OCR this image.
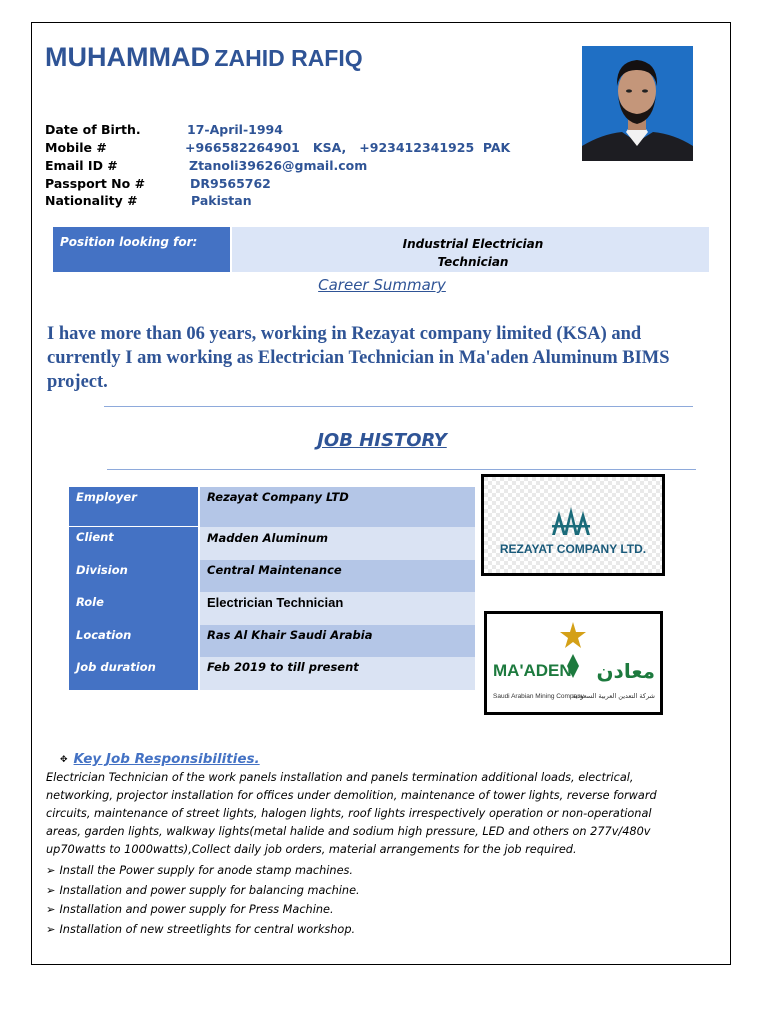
MUHAMMAD ZAHID RAFIQ
Date of Birth.	17-April-1994
Mobile #	+966582264901   KSA,   +923412341925  PAK
Email ID #	Ztanoli39626@gmail.com
Passport No #	DR9565762
Nationality #	Pakistan
Position looking for:	Industrial Electrician
Technician
Career Summary
I have more than 06 years, working in Rezayat company limited (KSA) and
currently I am working as Electrician Technician in Ma'aden Aluminum BIMS
project.
JOB HISTORY
Employer	Rezayat Company LTD
Client	Madden Aluminum
Division	Central Maintenance
Role	Electrician Technician
Location	Ras Al Khair Saudi Arabia
Job duration	Feb 2019 to till present
REZAYAT COMPANY LTD.
MA'ADEN معادن
Saudi Arabian Mining Company
شركة التعدين العربية السعودية
✥ Key Job Responsibilities.
Electrician Technician of the work panels installation and panels termination additional loads, electrical,
networking, projector installation for offices under demolition, maintenance of tower lights, reverse forward
circuits, maintenance of street lights, halogen lights, roof lights irrespectively operation or non-operational
areas, garden lights, walkway lights(metal halide and sodium high pressure, LED and others on 277v/480v
up70watts to 1000watts),Collect daily job orders, material arrangements for the job required.
➢ Install the Power supply for anode stamp machines.
➢ Installation and power supply for balancing machine.
➢ Installation and power supply for Press Machine.
➢ Installation of new streetlights for central workshop.
